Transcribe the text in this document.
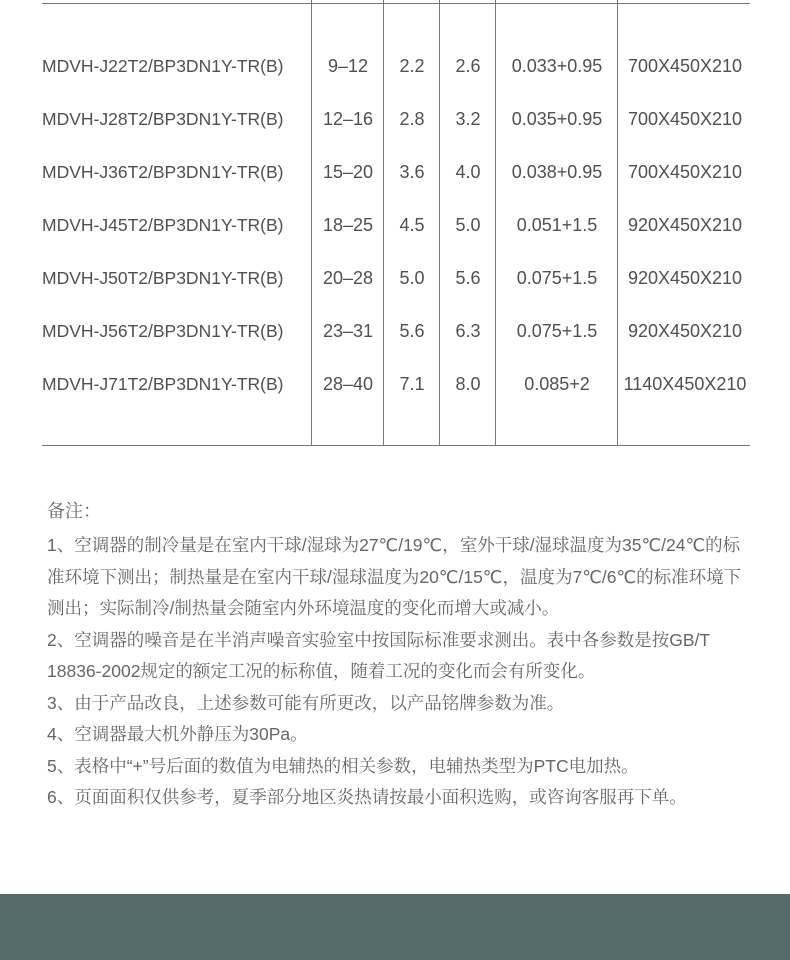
MDVH-J22T2/BP3DN1Y-TR(B)	9–12	2.2	2.6	0.033+0.95	700X450X210
MDVH-J28T2/BP3DN1Y-TR(B)	12–16	2.8	3.2	0.035+0.95	700X450X210
MDVH-J36T2/BP3DN1Y-TR(B)	15–20	3.6	4.0	0.038+0.95	700X450X210
MDVH-J45T2/BP3DN1Y-TR(B)	18–25	4.5	5.0	0.051+1.5	920X450X210
MDVH-J50T2/BP3DN1Y-TR(B)	20–28	5.0	5.6	0.075+1.5	920X450X210
MDVH-J56T2/BP3DN1Y-TR(B)	23–31	5.6	6.3	0.075+1.5	920X450X210
MDVH-J71T2/BP3DN1Y-TR(B)	28–40	7.1	8.0	0.085+2	1140X450X210
备注：

1、空调器的制冷量是在室内干球/湿球为27℃/19℃，室外干球/湿球温度为35℃/24℃的标准环境下测出；制热量是在室内干球/湿球温度为20℃/15℃，温度为7℃/6℃的标准环境下测出；实际制冷/制热量会随室内外环境温度的变化而增大或减小。

2、空调器的噪音是在半消声噪音实验室中按国际标准要求测出。表中各参数是按GB/T 18836-2002规定的额定工况的标称值，随着工况的变化而会有所变化。

3、由于产品改良，上述参数可能有所更改，以产品铭牌参数为准。

4、空调器最大机外静压为30Pa。

5、表格中“+”号后面的数值为电辅热的相关参数，电辅热类型为PTC电加热。

6、页面面积仅供参考，夏季部分地区炎热请按最小面积选购，或咨询客服再下单。
